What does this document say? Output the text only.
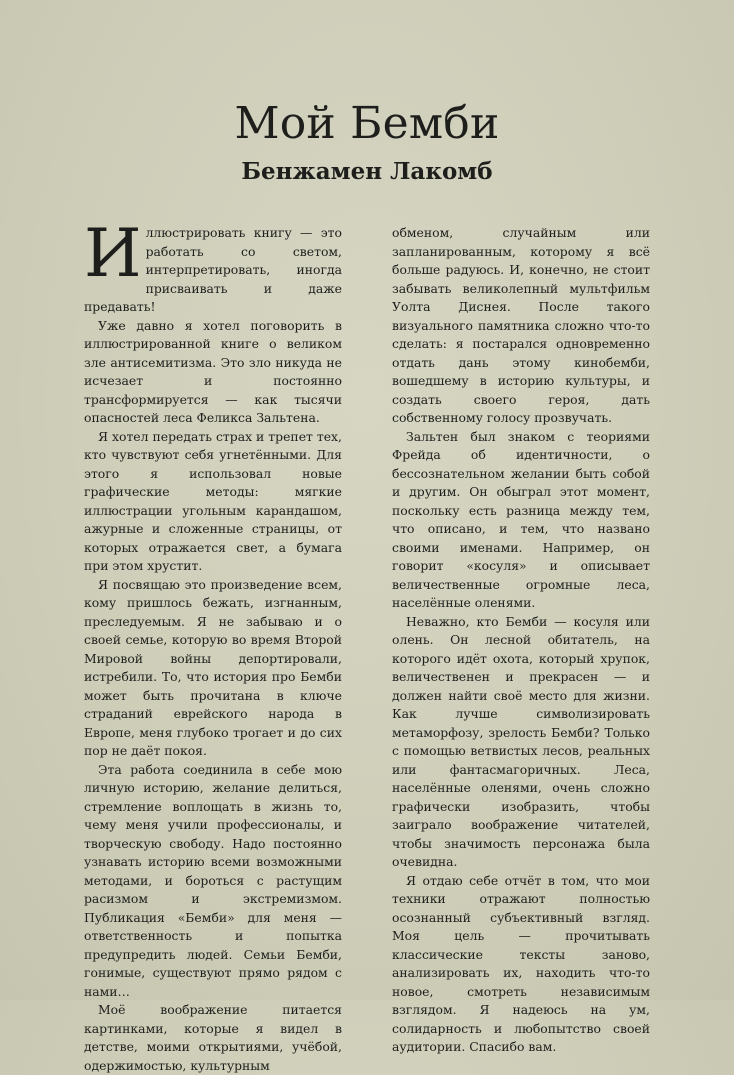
Мой Бемби
Бенжамен Лакомб

Иллюстрировать книгу — это работать со светом, интерпретировать, иногда присваивать и даже предавать!

Уже давно я хотел поговорить в иллюстрированной книге о великом зле антисемитизма. Это зло никуда не исчезает и постоянно трансформируется — как тысячи опасностей леса Феликса Зальтена.

Я хотел передать страх и трепет тех, кто чувствуют себя угнетёнными. Для этого я использовал новые графические методы: мягкие иллюстрации угольным карандашом, ажурные и сложенные страницы, от которых отражается свет, а бумага при этом хрустит.

Я посвящаю это произведение всем, кому пришлось бежать, изгнанным, преследуемым. Я не забываю и о своей семье, которую во время Второй Мировой войны депортировали, истребили. То, что история про Бемби может быть прочитана в ключе страданий еврейского народа в Европе, меня глубоко трогает и до сих пор не даёт покоя.

Эта работа соединила в себе мою личную историю, желание делиться, стремление воплощать в жизнь то, чему меня учили профессионалы, и творческую свободу. Надо постоянно узнавать историю всеми возможными методами, и бороться с растущим расизмом и экстремизмом. Публикация «Бемби» для меня — ответственность и попытка предупредить людей. Семьи Бемби, гонимые, существуют прямо рядом с нами…

Моё воображение питается картинками, которые я видел в детстве, моими открытиями, учёбой, одержимостью, культурным

обменом, случайным или запланированным, которому я всё больше радуюсь. И, конечно, не стоит забывать великолепный мультфильм Уолта Диснея. После такого визуального памятника сложно что-то сделать: я постарался одновременно отдать дань этому кинобемби, вошедшему в историю культуры, и создать своего героя, дать собственному голосу прозвучать.

Зальтен был знаком с теориями Фрейда об идентичности, о бессознательном желании быть собой и другим. Он обыграл этот момент, поскольку есть разница между тем, что описано, и тем, что названо своими именами. Например, он говорит «косуля» и описывает величественные огромные леса, населённые оленями.

Неважно, кто Бемби — косуля или олень. Он лесной обитатель, на которого идёт охота, который хрупок, величественен и прекрасен — и должен найти своё место для жизни. Как лучше символизировать метаморфозу, зрелость Бемби? Только с помощью ветвистых лесов, реальных или фантасмагоричных. Леса, населённые оленями, очень сложно графически изобразить, чтобы заиграло воображение читателей, чтобы значимость персонажа была очевидна.

Я отдаю себе отчёт в том, что мои техники отражают полностью осознанный субъективный взгляд. Моя цель — прочитывать классические тексты заново, анализировать их, находить что-то новое, смотреть независимым взглядом. Я надеюсь на ум, солидарность и любопытство своей аудитории. Спасибо вам.
